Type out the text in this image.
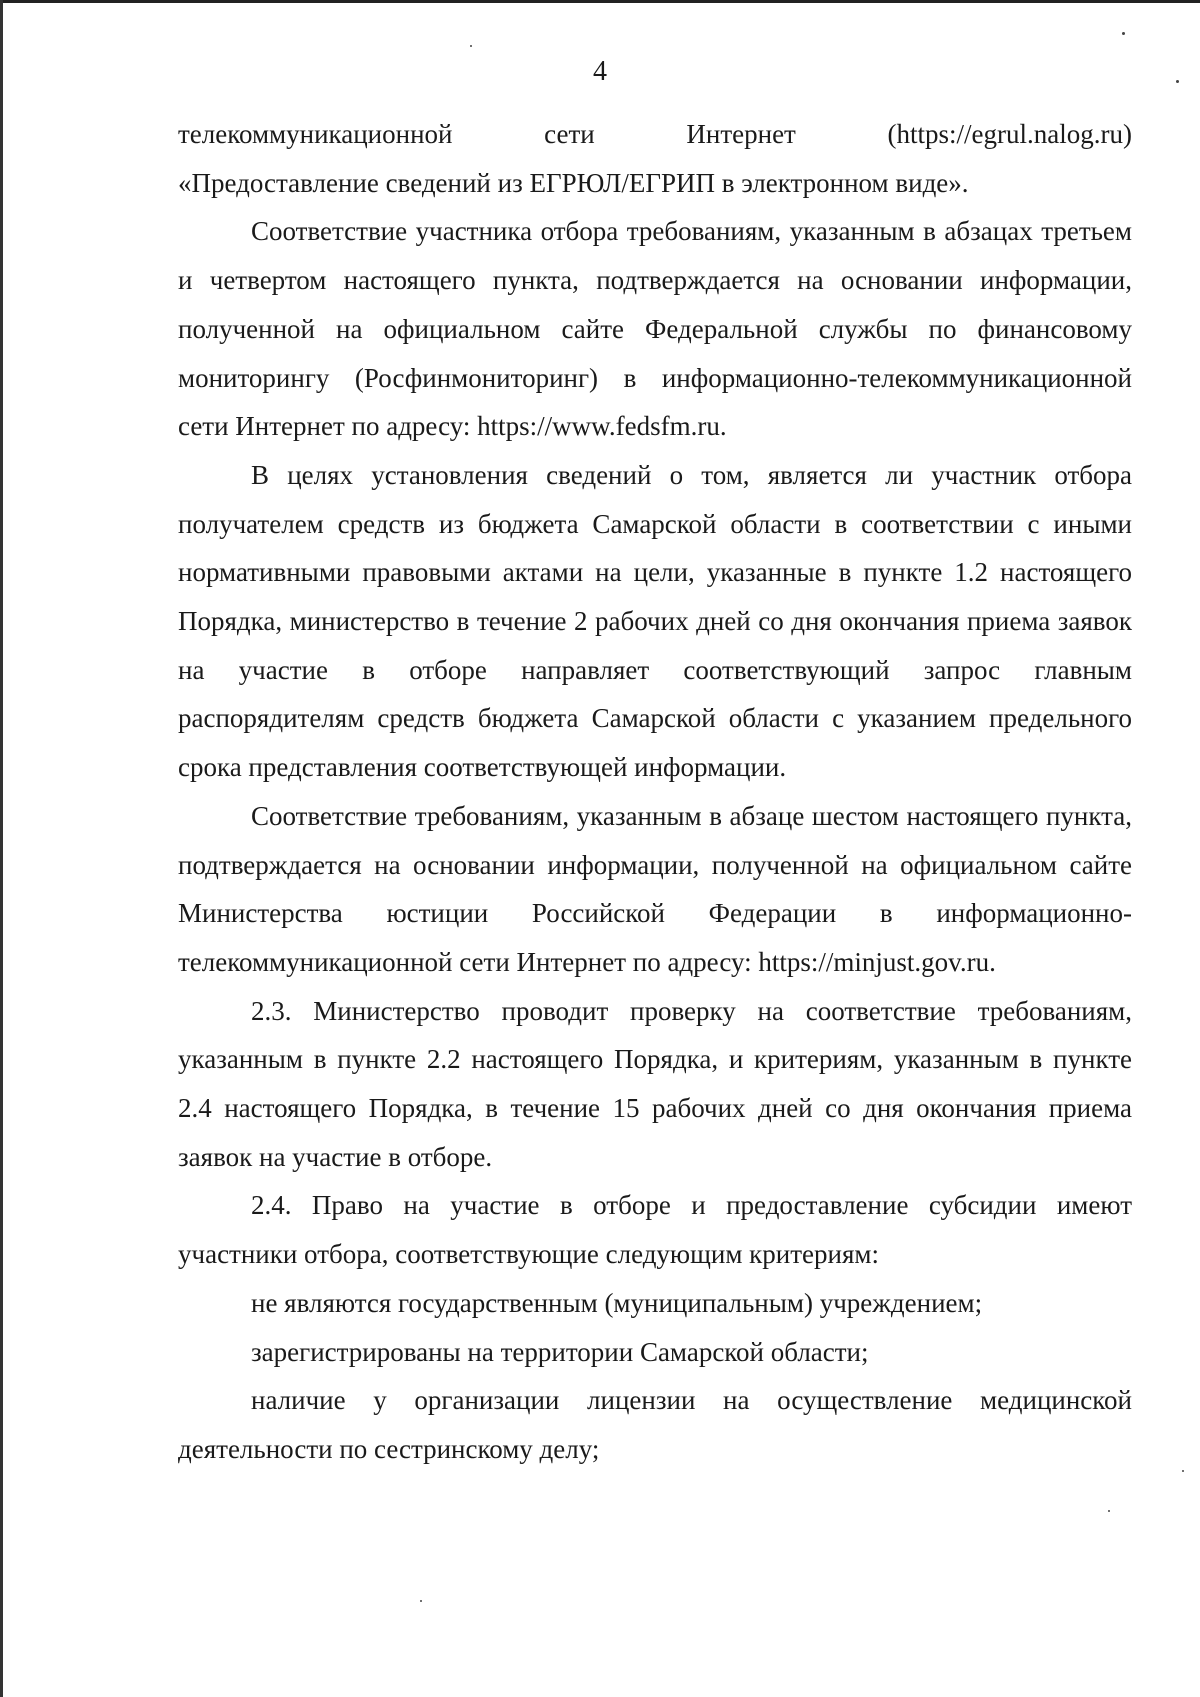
4

телекоммуникационной сети Интернет (https://egrul.nalog.ru)

«Предоставление сведений из ЕГРЮЛ/ЕГРИП в электронном виде».

Соответствие участника отбора требованиям, указанным в абзацах третьем и четвертом настоящего пункта, подтверждается на основании информации, полученной на официальном сайте Федеральной службы по финансовому мониторингу (Росфинмониторинг) в информационно-телекоммуникационной сети Интернет по адресу: https://www.fedsfm.ru.

В целях установления сведений о том, является ли участник отбора получателем средств из бюджета Самарской области в соответствии с иными нормативными правовыми актами на цели, указанные в пункте 1.2 настоящего Порядка, министерство в течение 2 рабочих дней со дня окончания приема заявок на участие в отборе направляет соответствующий запрос главным распорядителям средств бюджета Самарской области с указанием предельного срока представления соответствующей информации.

Соответствие требованиям, указанным в абзаце шестом настоящего пункта, подтверждается на основании информации, полученной на официальном сайте Министерства юстиции Российской Федерации в информационно-телекоммуникационной сети Интернет по адресу: https://minjust.gov.ru.

2.3. Министерство проводит проверку на соответствие требованиям, указанным в пункте 2.2 настоящего Порядка, и критериям, указанным в пункте 2.4 настоящего Порядка, в течение 15 рабочих дней со дня окончания приема заявок на участие в отборе.

2.4. Право на участие в отборе и предоставление субсидии имеют участники отбора, соответствующие следующим критериям:

не являются государственным (муниципальным) учреждением;

зарегистрированы на территории Самарской области;

наличие у организации лицензии на осуществление медицинской деятельности по сестринскому делу;
